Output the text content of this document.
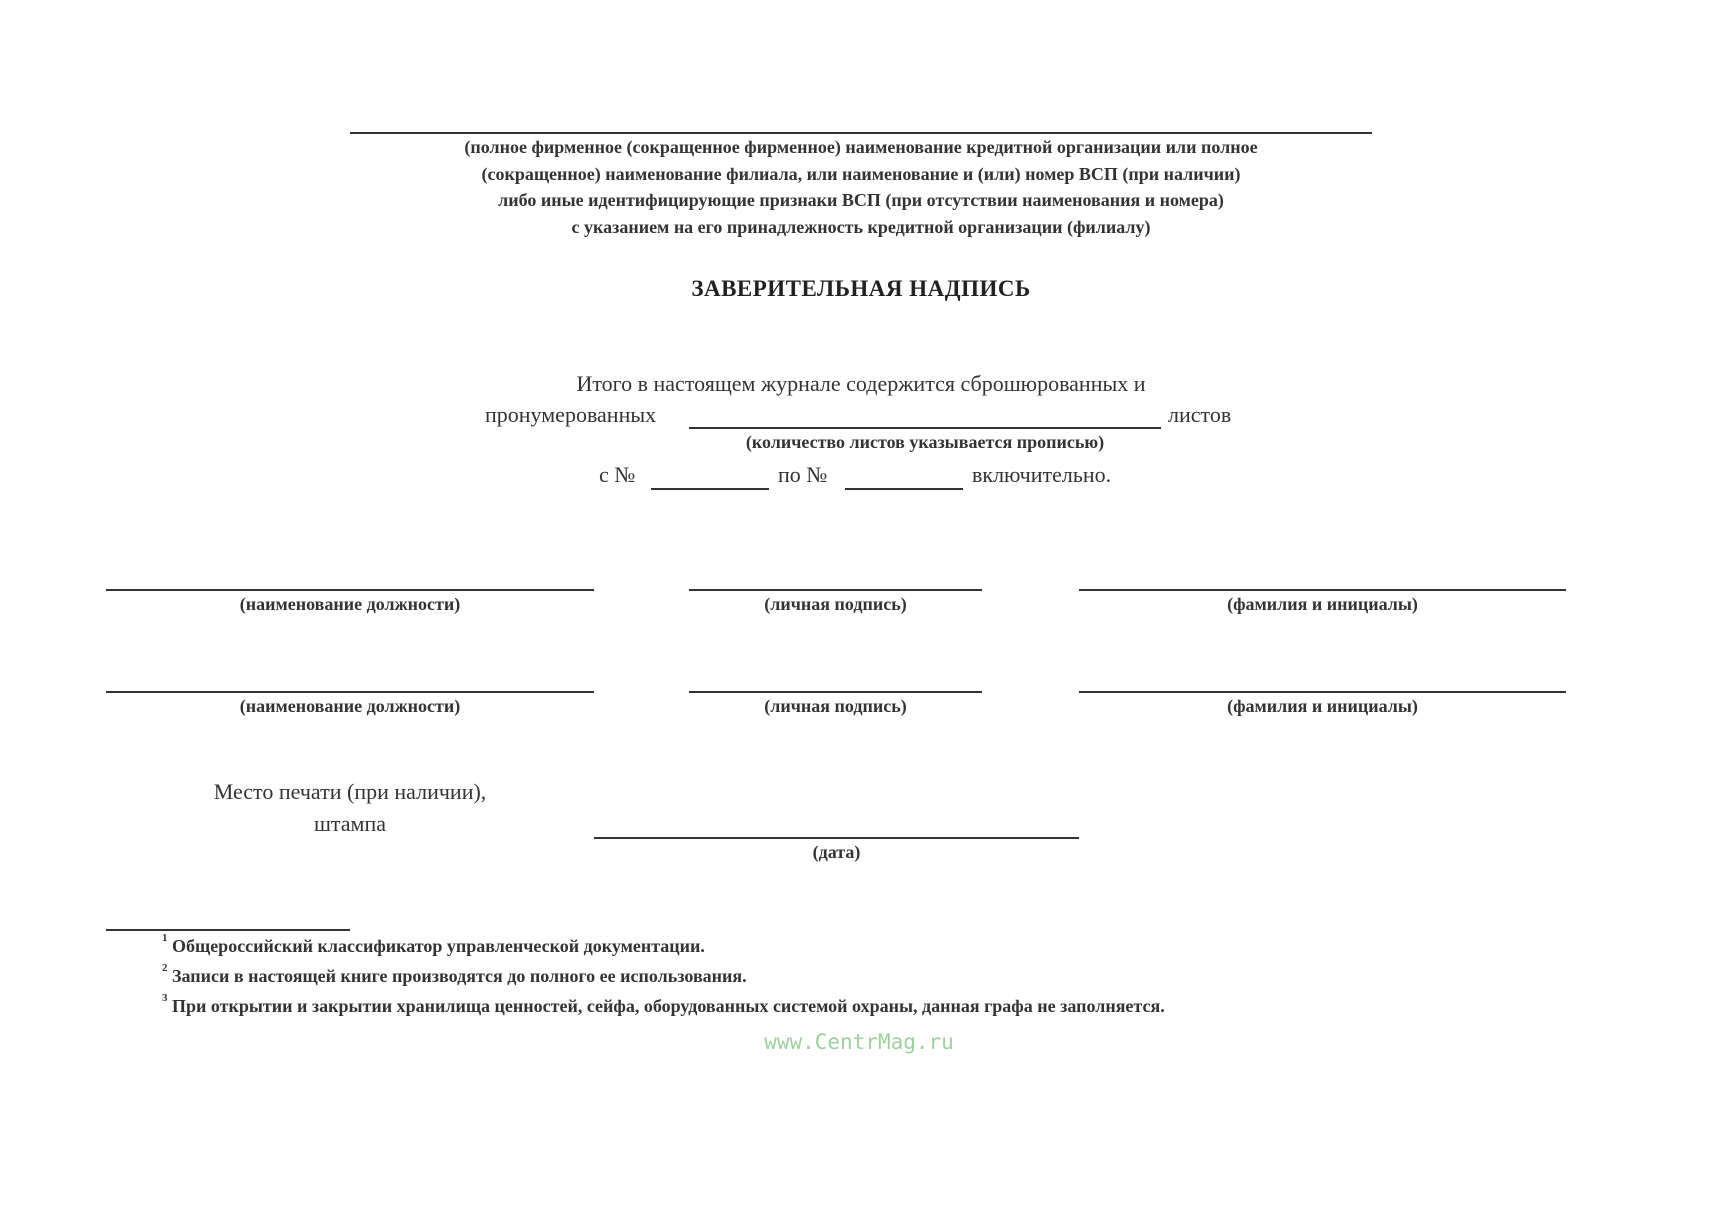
(полное фирменное (сокращенное фирменное) наименование кредитной организации или полное
(сокращенное) наименование филиала, или наименование и (или) номер ВСП (при наличии)
либо иные идентифицирующие признаки ВСП (при отсутствии наименования и номера)
с указанием на его принадлежность кредитной организации (филиалу)
ЗАВЕРИТЕЛЬНАЯ НАДПИСЬ
Итого в настоящем журнале содержится сброшюрованных и
пронумерованных	листов
(количество листов указывается прописью)
с №	по №	включительно.
(наименование должности)	(личная подпись)	(фамилия и инициалы)
(наименование должности)	(личная подпись)	(фамилия и инициалы)
Место печати (при наличии),
штампа
(дата)
$^1$ Общероссийский классификатор управленческой документации.
$^2$ Записи в настоящей книге производятся до полного ее использования.
$^3$ При открытии и закрытии хранилища ценностей, сейфа, оборудованных системой охраны, данная графа не заполняется.
www.CentrMag.ru
